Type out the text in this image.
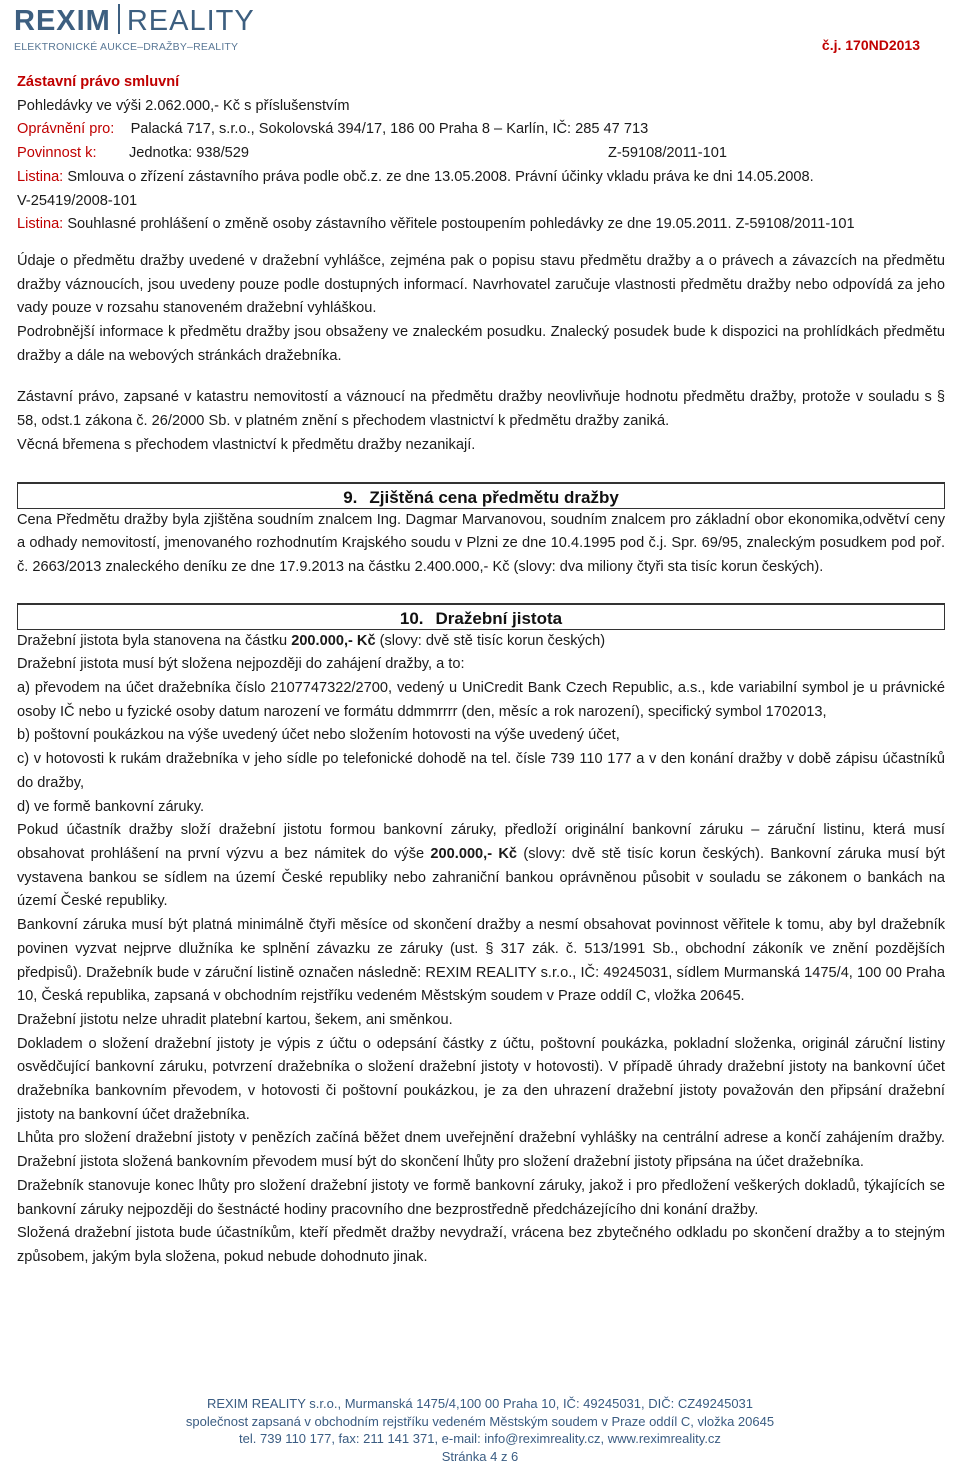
REXIM REALITY
ELEKTRONICKÉ AUKCE–DRAŽBY–REALITY	č.j. 170ND2013

Zástavní právo smluvní

Pohledávky ve výši 2.062.000,- Kč s příslušenstvím

Oprávnění pro: Palacká 717, s.r.o., Sokolovská 394/17, 186 00 Praha 8 – Karlín, IČ: 285 47 713

Povinnost k: Jednotka: 938/529	Z-59108/2011-101

Listina: Smlouva o zřízení zástavního práva podle obč.z. ze dne 13.05.2008. Právní účinky vkladu práva ke dni 14.05.2008.

V-25419/2008-101

Listina: Souhlasné prohlášení o změně osoby zástavního věřitele postoupením pohledávky ze dne 19.05.2011. Z-59108/2011-101

Údaje o předmětu dražby uvedené v dražební vyhlášce, zejména pak o popisu stavu předmětu dražby a o právech a závazcích na předmětu dražby váznoucích, jsou uvedeny pouze podle dostupných informací. Navrhovatel zaručuje vlastnosti předmětu dražby nebo odpovídá za jeho vady pouze v rozsahu stanoveném dražební vyhláškou.

Podrobnější informace k předmětu dražby jsou obsaženy ve znaleckém posudku. Znalecký posudek bude k dispozici na prohlídkách předmětu dražby a dále na webových stránkách dražebníka.

Zástavní právo, zapsané v katastru nemovitostí a váznoucí na předmětu dražby neovlivňuje hodnotu předmětu dražby, protože v souladu s § 58, odst.1 zákona č. 26/2000 Sb. v platném znění s přechodem vlastnictví k předmětu dražby zaniká.

Věcná břemena s přechodem vlastnictví k předmětu dražby nezanikají.

9. Zjištěná cena předmětu dražby

Cena Předmětu dražby byla zjištěna soudním znalcem Ing. Dagmar Marvanovou, soudním znalcem pro základní obor ekonomika,odvětví ceny a odhady nemovitostí, jmenovaného rozhodnutím Krajského soudu v Plzni ze dne 10.4.1995 pod č.j. Spr. 69/95, znaleckým posudkem pod poř. č. 2663/2013 znaleckého deníku ze dne 17.9.2013 na částku 2.400.000,- Kč (slovy: dva miliony čtyři sta tisíc korun českých).

10. Dražební jistota

Dražební jistota byla stanovena na částku 200.000,- Kč (slovy: dvě stě tisíc korun českých)

Dražební jistota musí být složena nejpozději do zahájení dražby, a to:

a) převodem na účet dražebníka číslo 2107747322/2700, vedený u UniCredit Bank Czech Republic, a.s., kde variabilní symbol je u právnické osoby IČ nebo u fyzické osoby datum narození ve formátu ddmmrrrr (den, měsíc a rok narození), specifický symbol 1702013,

b) poštovní poukázkou na výše uvedený účet nebo složením hotovosti na výše uvedený účet,

c) v hotovosti k rukám dražebníka v jeho sídle po telefonické dohodě na tel. čísle 739 110 177 a v den konání dražby v době zápisu účastníků do dražby,

d) ve formě bankovní záruky.

Pokud účastník dražby složí dražební jistotu formou bankovní záruky, předloží originální bankovní záruku – záruční listinu, která musí obsahovat prohlášení na první výzvu a bez námitek do výše 200.000,- Kč (slovy: dvě stě tisíc korun českých). Bankovní záruka musí být vystavena bankou se sídlem na území České republiky nebo zahraniční bankou oprávněnou působit v souladu se zákonem o bankách na území České republiky.

Bankovní záruka musí být platná minimálně čtyři měsíce od skončení dražby a nesmí obsahovat povinnost věřitele k tomu, aby byl dražebník povinen vyzvat nejprve dlužníka ke splnění závazku ze záruky (ust. § 317 zák. č. 513/1991 Sb., obchodní zákoník ve znění pozdějších předpisů). Dražebník bude v záruční listině označen následně: REXIM REALITY s.r.o., IČ: 49245031, sídlem Murmanská 1475/4, 100 00 Praha 10, Česká republika, zapsaná v obchodním rejstříku vedeném Městským soudem v Praze oddíl C, vložka 20645.

Dražební jistotu nelze uhradit platební kartou, šekem, ani směnkou.

Dokladem o složení dražební jistoty je výpis z účtu o odepsání částky z účtu, poštovní poukázka, pokladní složenka, originál záruční listiny osvědčující bankovní záruku, potvrzení dražebníka o složení dražební jistoty v hotovosti). V případě úhrady dražební jistoty na bankovní účet dražebníka bankovním převodem, v hotovosti či poštovní poukázkou, je za den uhrazení dražební jistoty považován den připsání dražební jistoty na bankovní účet dražebníka.

Lhůta pro složení dražební jistoty v penězích začíná běžet dnem uveřejnění dražební vyhlášky na centrální adrese a končí zahájením dražby. Dražební jistota složená bankovním převodem musí být do skončení lhůty pro složení dražební jistoty připsána na účet dražebníka.

Dražebník stanovuje konec lhůty pro složení dražební jistoty ve formě bankovní záruky, jakož i pro předložení veškerých dokladů, týkajících se bankovní záruky nejpozději do šestnácté hodiny pracovního dne bezprostředně předcházejícího dni konání dražby.

Složená dražební jistota bude účastníkům, kteří předmět dražby nevydraží, vrácena bez zbytečného odkladu po skončení dražby a to stejným způsobem, jakým byla složena, pokud nebude dohodnuto jinak.

REXIM REALITY s.r.o., Murmanská 1475/4,100 00 Praha 10, IČ: 49245031, DIČ: CZ49245031
společnost zapsaná v obchodním rejstříku vedeném Městským soudem v Praze oddíl C, vložka 20645
tel. 739 110 177, fax: 211 141 371, e-mail: info@reximreality.cz, www.reximreality.cz
Stránka 4 z 6
